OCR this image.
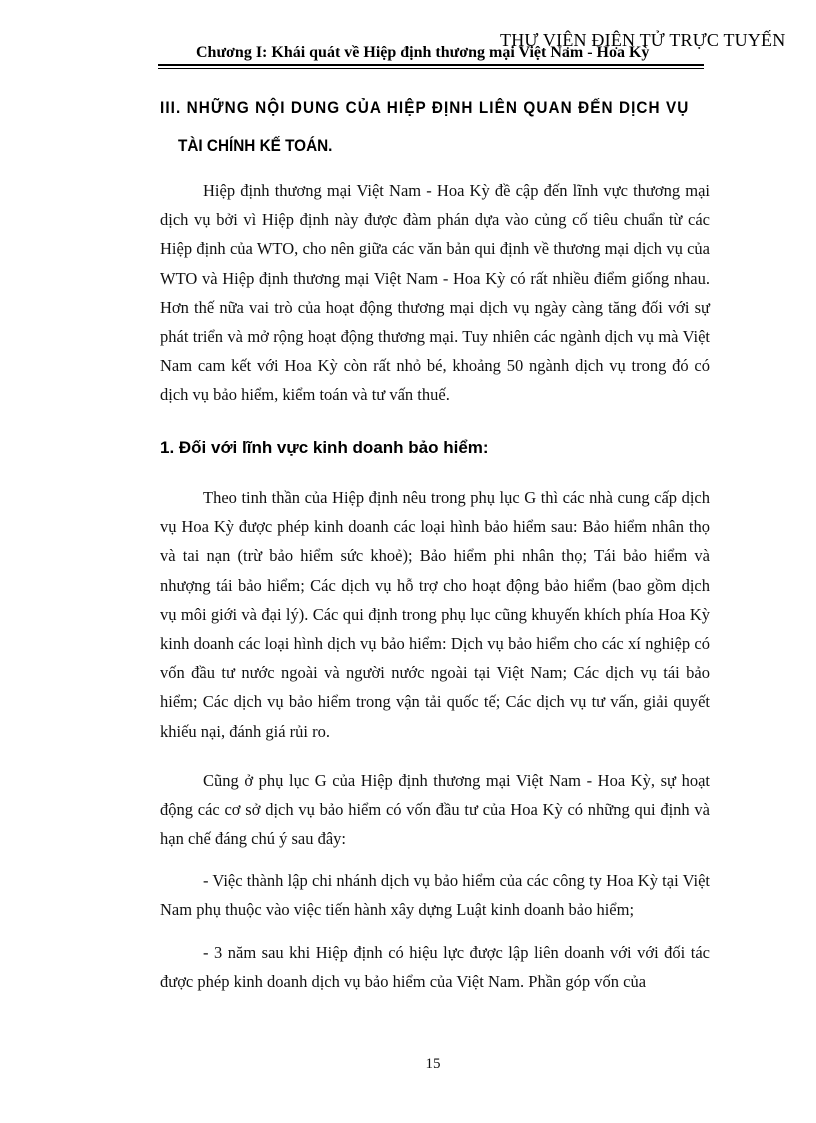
THƯ VIỆN ĐIỆN TỬ TRỰC TUYẾN
Chương I: Khái quát về Hiệp định thương mại Việt Nam - Hoa Kỳ
III. NHỮNG NỘI DUNG CỦA HIỆP ĐỊNH LIÊN QUAN ĐẾN DỊCH VỤ
TÀI CHÍNH KẾ TOÁN.

Hiệp định thương mại Việt Nam - Hoa Kỳ đề cập đến lĩnh vực thương mại dịch vụ bởi vì Hiệp định này được đàm phán dựa vào củng cố tiêu chuẩn từ các Hiệp định của WTO, cho nên giữa các văn bản qui định về thương mại dịch vụ của WTO và Hiệp định thương mại Việt Nam - Hoa Kỳ có rất nhiều điểm giống nhau. Hơn thế nữa vai trò của hoạt động thương mại dịch vụ ngày càng tăng đối với sự phát triển và mở rộng hoạt động thương mại. Tuy nhiên các ngành dịch vụ mà Việt Nam cam kết với Hoa Kỳ còn rất nhỏ bé, khoảng 50 ngành dịch vụ trong đó có dịch vụ bảo hiểm, kiểm toán và tư vấn thuế.

1. Đối với lĩnh vực kinh doanh bảo hiểm:

Theo tinh thần của Hiệp định nêu trong phụ lục G thì các nhà cung cấp dịch vụ Hoa Kỳ được phép kinh doanh các loại hình bảo hiểm sau: Bảo hiểm nhân thọ và tai nạn (trừ bảo hiểm sức khoẻ); Bảo hiểm phi nhân thọ; Tái bảo hiểm và nhượng tái bảo hiểm; Các dịch vụ hỗ trợ cho hoạt động bảo hiểm (bao gồm dịch vụ môi giới và đại lý). Các qui định trong phụ lục cũng khuyến khích phía Hoa Kỳ kinh doanh các loại hình dịch vụ bảo hiểm: Dịch vụ bảo hiểm cho các xí nghiệp có vốn đầu tư nước ngoài và người nước ngoài tại Việt Nam; Các dịch vụ tái bảo hiểm; Các dịch vụ bảo hiểm trong vận tải quốc tế; Các dịch vụ tư vấn, giải quyết khiếu nại, đánh giá rủi ro.

Cũng ở phụ lục G của Hiệp định thương mại Việt Nam - Hoa Kỳ, sự hoạt động các cơ sở dịch vụ bảo hiểm có vốn đầu tư của Hoa Kỳ có những qui định và hạn chế đáng chú ý sau đây:

- Việc thành lập chi nhánh dịch vụ bảo hiểm của các công ty Hoa Kỳ tại Việt Nam phụ thuộc vào việc tiến hành xây dựng Luật kinh doanh bảo hiểm;

- 3 năm sau khi Hiệp định có hiệu lực được lập liên doanh với với đối tác được phép kinh doanh dịch vụ bảo hiểm của Việt Nam. Phần góp vốn của

15
